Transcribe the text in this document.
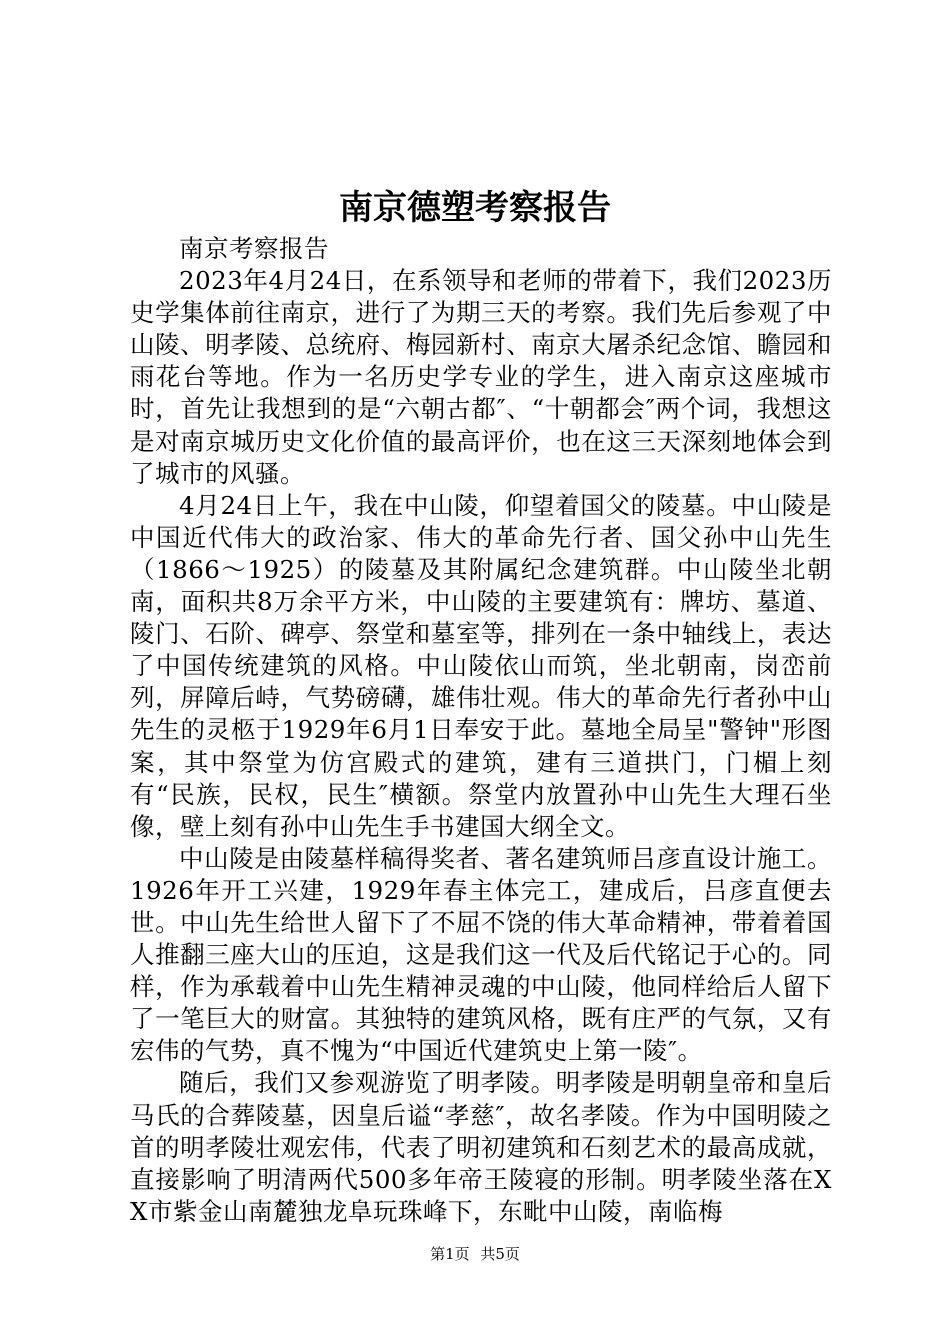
南京德塑考察报告

南京考察报告

2023年4月24日，在系领导和老师的带着下，我们2023历史学集体前往南京，进行了为期三天的考察。我们先后参观了中山陵、明孝陵、总统府、梅园新村、南京大屠杀纪念馆、瞻园和雨花台等地。作为一名历史学专业的学生，进入南京这座城市时，首先让我想到的是“六朝古都″、“十朝都会″两个词，我想这是对南京城历史文化价值的最高评价，也在这三天深刻地体会到了城市的风骚。

4月24日上午，我在中山陵，仰望着国父的陵墓。中山陵是中国近代伟大的政治家、伟大的革命先行者、国父孙中山先生（1866～1925）的陵墓及其附属纪念建筑群。中山陵坐北朝南，面积共8万余平方米，中山陵的主要建筑有：牌坊、墓道、陵门、石阶、碑亭、祭堂和墓室等，排列在一条中轴线上，表达了中国传统建筑的风格。中山陵依山而筑，坐北朝南，岗峦前列，屏障后峙，气势磅礴，雄伟壮观。伟大的革命先行者孙中山先生的灵柩于1929年6月1日奉安于此。墓地全局呈"警钟"形图案，其中祭堂为仿宫殿式的建筑，建有三道拱门，门楣上刻有“民族，民权，民生″横额。祭堂内放置孙中山先生大理石坐像，壁上刻有孙中山先生手书建国大纲全文。

中山陵是由陵墓样稿得奖者、著名建筑师吕彦直设计施工。1926年开工兴建，1929年春主体完工，建成后，吕彦直便去世。中山先生给世人留下了不屈不饶的伟大革命精神，带着着国人推翻三座大山的压迫，这是我们这一代及后代铭记于心的。同样，作为承载着中山先生精神灵魂的中山陵，他同样给后人留下了一笔巨大的财富。其独特的建筑风格，既有庄严的气氛，又有宏伟的气势，真不愧为“中国近代建筑史上第一陵″。

随后，我们又参观游览了明孝陵。明孝陵是明朝皇帝和皇后马氏的合葬陵墓，因皇后谥“孝慈″，故名孝陵。作为中国明陵之首的明孝陵壮观宏伟，代表了明初建筑和石刻艺术的最高成就，直接影响了明清两代500多年帝王陵寝的形制。明孝陵坐落在XX市紫金山南麓独龙阜玩珠峰下，东毗中山陵，南临梅

第1页 共5页
